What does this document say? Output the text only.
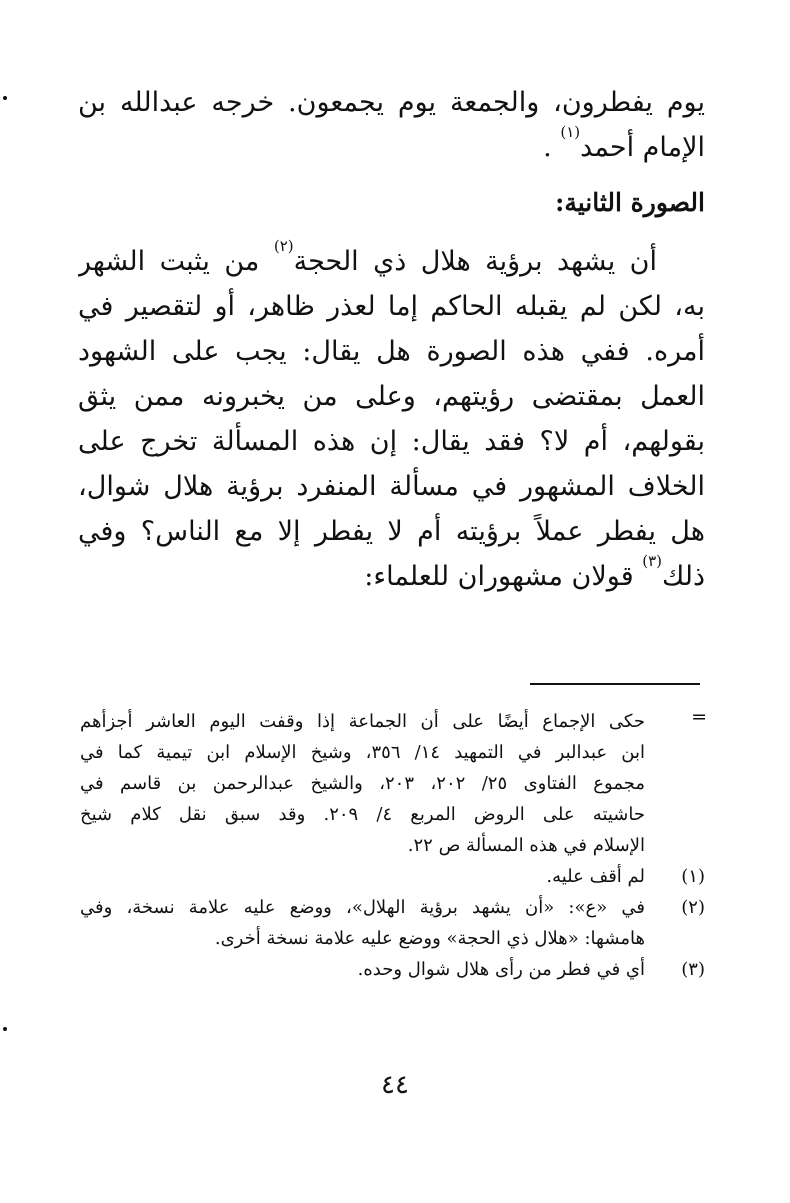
يوم يفطرون، والجمعة يوم يجمعون. خرجه عبدالله بن
الإمام أحمد$^{(١)}$ .
الصورة الثانية:
أن يشهد برؤية هلال ذي الحجة$^{(٢)}$ من يثبت الشهر
به، لكن لم يقبله الحاكم إما لعذر ظاهر، أو لتقصير في
أمره. ففي هذه الصورة هل يقال: يجب على الشهود
العمل بمقتضى رؤيتهم، وعلى من يخبرونه ممن يثق
بقولهم، أم لا؟ فقد يقال: إن هذه المسألة تخرج على
الخلاف المشهور في مسألة المنفرد برؤية هلال شوال،
هل يفطر عملاً برؤيته أم لا يفطر إلا مع الناس؟ وفي
ذلك$^{(٣)}$ قولان مشهوران للعلماء:
=
حكى الإجماع أيضًا على أن الجماعة إذا وقفت اليوم العاشر أجزأهم
ابن عبدالبر في التمهيد ١٤/ ٣٥٦، وشيخ الإسلام ابن تيمية كما في
مجموع الفتاوى ٢٥/ ٢٠٢، ٢٠٣، والشيخ عبدالرحمن بن قاسم في
حاشيته على الروض المربع ٤/ ٢٠٩. وقد سبق نقل كلام شيخ
الإسلام في هذه المسألة ص ٢٢.
(١)
لم أقف عليه.
(٢)
في «ع»: «أن يشهد برؤية الهلال»، ووضع عليه علامة نسخة، وفي
هامشها: «هلال ذي الحجة» ووضع عليه علامة نسخة أخرى.
(٣)
أي في فطر من رأى هلال شوال وحده.
٤٤
